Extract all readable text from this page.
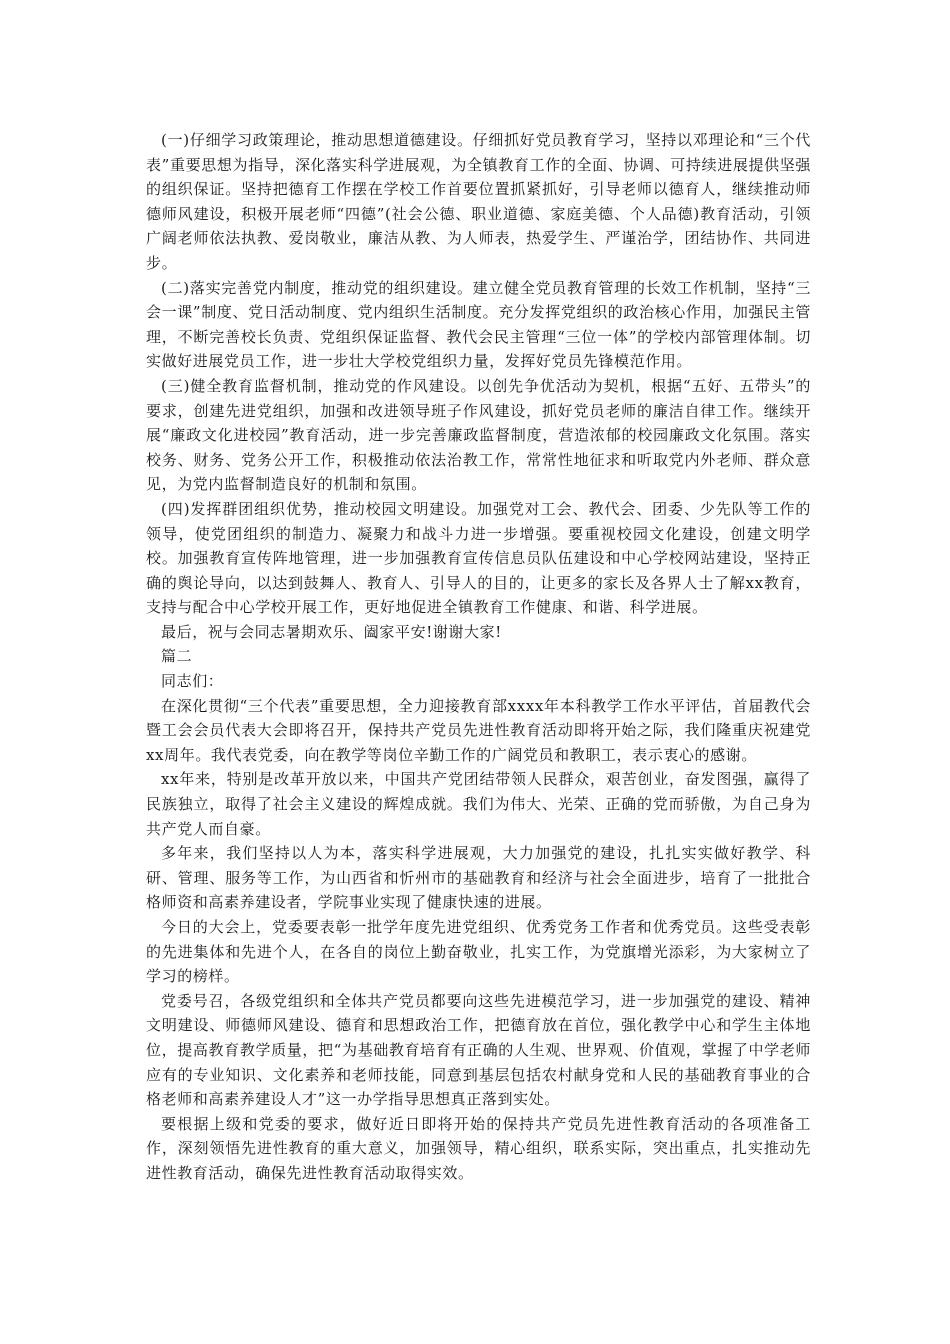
(一)仔细学习政策理论，推动思想道德建设。仔细抓好党员教育学习，坚持以邓理论和“三个代表”重要思想为指导，深化落实科学进展观，为全镇教育工作的全面、协调、可持续进展提供坚强的组织保证。坚持把德育工作摆在学校工作首要位置抓紧抓好，引导老师以德育人，继续推动师德师风建设，积极开展老师“四德”(社会公德、职业道德、家庭美德、个人品德)教育活动，引领广阔老师依法执教、爱岗敬业，廉洁从教、为人师表，热爱学生、严谨治学，团结协作、共同进步。

(二)落实完善党内制度，推动党的组织建设。建立健全党员教育管理的长效工作机制，坚持“三会一课”制度、党日活动制度、党内组织生活制度。充分发挥党组织的政治核心作用，加强民主管理，不断完善校长负责、党组织保证监督、教代会民主管理“三位一体”的学校内部管理体制。切实做好进展党员工作，进一步壮大学校党组织力量，发挥好党员先锋模范作用。

(三)健全教育监督机制，推动党的作风建设。以创先争优活动为契机，根据“五好、五带头”的要求，创建先进党组织，加强和改进领导班子作风建设，抓好党员老师的廉洁自律工作。继续开展“廉政文化进校园”教育活动，进一步完善廉政监督制度，营造浓郁的校园廉政文化氛围。落实校务、财务、党务公开工作，积极推动依法治教工作，常常性地征求和听取党内外老师、群众意见，为党内监督制造良好的机制和氛围。

(四)发挥群团组织优势，推动校园文明建设。加强党对工会、教代会、团委、少先队等工作的领导，使党团组织的制造力、凝聚力和战斗力进一步增强。要重视校园文化建设，创建文明学校。加强教育宣传阵地管理，进一步加强教育宣传信息员队伍建设和中心学校网站建设，坚持正确的舆论导向，以达到鼓舞人、教育人、引导人的目的，让更多的家长及各界人士了解xx教育，支持与配合中心学校开展工作，更好地促进全镇教育工作健康、和谐、科学进展。

最后，祝与会同志暑期欢乐、阖家平安!谢谢大家!

篇二

同志们：

在深化贯彻“三个代表”重要思想，全力迎接教育部xxxx年本科教学工作水平评估，首届教代会暨工会会员代表大会即将召开，保持共产党员先进性教育活动即将开始之际，我们隆重庆祝建党xx周年。我代表党委，向在教学等岗位辛勤工作的广阔党员和教职工，表示衷心的感谢。

xx年来，特别是改革开放以来，中国共产党团结带领人民群众，艰苦创业，奋发图强，赢得了民族独立，取得了社会主义建设的辉煌成就。我们为伟大、光荣、正确的党而骄傲，为自己身为共产党人而自豪。

多年来，我们坚持以人为本，落实科学进展观，大力加强党的建设，扎扎实实做好教学、科研、管理、服务等工作，为山西省和忻州市的基础教育和经济与社会全面进步，培育了一批批合格师资和高素养建设者，学院事业实现了健康快速的进展。

今日的大会上，党委要表彰一批学年度先进党组织、优秀党务工作者和优秀党员。这些受表彰的先进集体和先进个人，在各自的岗位上勤奋敬业，扎实工作，为党旗增光添彩，为大家树立了学习的榜样。

党委号召，各级党组织和全体共产党员都要向这些先进模范学习，进一步加强党的建设、精神文明建设、师德师风建设、德育和思想政治工作，把德育放在首位，强化教学中心和学生主体地位，提高教育教学质量，把“为基础教育培育有正确的人生观、世界观、价值观，掌握了中学老师应有的专业知识、文化素养和老师技能，同意到基层包括农村献身党和人民的基础教育事业的合格老师和高素养建设人才”这一办学指导思想真正落到实处。

要根据上级和党委的要求，做好近日即将开始的保持共产党员先进性教育活动的各项准备工作，深刻领悟先进性教育的重大意义，加强领导，精心组织，联系实际，突出重点，扎实推动先进性教育活动，确保先进性教育活动取得实效。
